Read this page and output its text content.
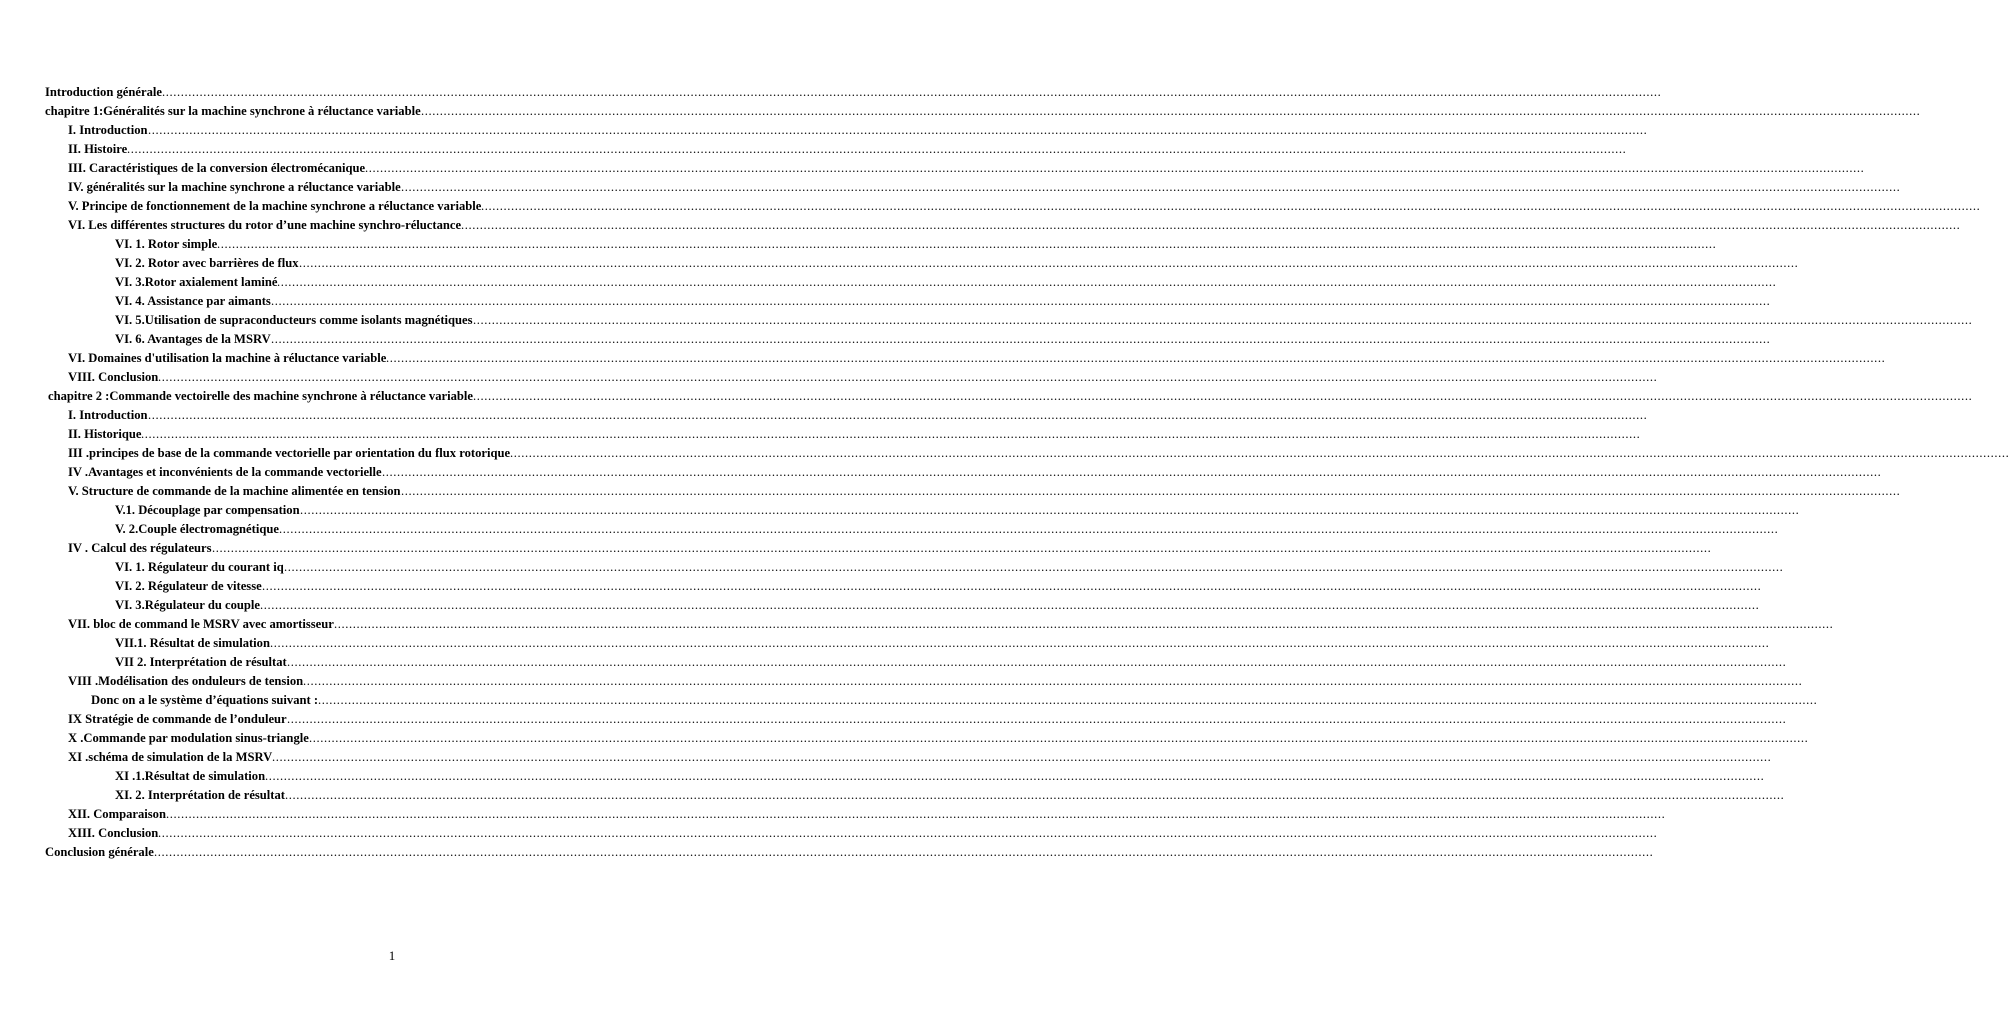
................................................................................................................................................................................................................................................................................................................................................................................................................
Introduction générale
................................................................................................................................................................................................................................................................................................................................................................................................................
chapitre 1:Généralités sur la machine synchrone à réluctance variable
................................................................................................................................................................................................................................................................................................................................................................................................................
I. Introduction
................................................................................................................................................................................................................................................................................................................................................................................................................
II. Histoire
................................................................................................................................................................................................................................................................................................................................................................................................................
III. Caractéristiques de la conversion électromécanique
................................................................................................................................................................................................................................................................................................................................................................................................................
IV. généralités sur la machine synchrone a réluctance variable
................................................................................................................................................................................................................................................................................................................................................................................................................
V. Principe de fonctionnement de la machine synchrone a réluctance variable
................................................................................................................................................................................................................................................................................................................................................................................................................
VI. Les différentes structures du rotor d’une machine synchro-réluctance
................................................................................................................................................................................................................................................................................................................................................................................................................
VI. 1. Rotor simple
................................................................................................................................................................................................................................................................................................................................................................................................................
VI. 2. Rotor avec barrières de flux
................................................................................................................................................................................................................................................................................................................................................................................................................
VI. 3.Rotor axialement laminé
................................................................................................................................................................................................................................................................................................................................................................................................................
VI. 4. Assistance par aimants
................................................................................................................................................................................................................................................................................................................................................................................................................
VI. 5.Utilisation de supraconducteurs comme isolants magnétiques
................................................................................................................................................................................................................................................................................................................................................................................................................
VI. 6. Avantages de la MSRV
................................................................................................................................................................................................................................................................................................................................................................................................................
VI. Domaines d'utilisation la machine à réluctance variable
................................................................................................................................................................................................................................................................................................................................................................................................................
VIII. Conclusion
................................................................................................................................................................................................................................................................................................................................................................................................................
chapitre 2 :Commande vectoirelle des machine synchrone à réluctance variable
................................................................................................................................................................................................................................................................................................................................................................................................................
I. Introduction
................................................................................................................................................................................................................................................................................................................................................................................................................
II. Historique
................................................................................................................................................................................................................................................................................................................................................................................................................
III .principes de base de la commande vectorielle par orientation du flux rotorique
................................................................................................................................................................................................................................................................................................................................................................................................................
IV .Avantages et inconvénients de la commande vectorielle
................................................................................................................................................................................................................................................................................................................................................................................................................
V. Structure de commande de la machine alimentée en tension
................................................................................................................................................................................................................................................................................................................................................................................................................
V.1. Découplage par compensation
................................................................................................................................................................................................................................................................................................................................................................................................................
V. 2.Couple électromagnétique
................................................................................................................................................................................................................................................................................................................................................................................................................
IV . Calcul des régulateurs
................................................................................................................................................................................................................................................................................................................................................................................................................
VI. 1. Régulateur du courant iq
................................................................................................................................................................................................................................................................................................................................................................................................................
VI. 2. Régulateur de vitesse
................................................................................................................................................................................................................................................................................................................................................................................................................
VI. 3.Régulateur du couple
................................................................................................................................................................................................................................................................................................................................................................................................................
VII. bloc de command le MSRV avec amortisseur
................................................................................................................................................................................................................................................................................................................................................................................................................
VII.1. Résultat de simulation
................................................................................................................................................................................................................................................................................................................................................................................................................
VII 2. Interprétation de résultat
................................................................................................................................................................................................................................................................................................................................................................................................................
VIII .Modélisation des onduleurs de tension
................................................................................................................................................................................................................................................................................................................................................................................................................
Donc on a le système d’équations suivant :
................................................................................................................................................................................................................................................................................................................................................................................................................
IX Stratégie de commande de l’onduleur
................................................................................................................................................................................................................................................................................................................................................................................................................
X .Commande par modulation sinus-triangle
................................................................................................................................................................................................................................................................................................................................................................................................................
XI .schéma de simulation de la MSRV
................................................................................................................................................................................................................................................................................................................................................................................................................
XI .1.Résultat de simulation
................................................................................................................................................................................................................................................................................................................................................................................................................
XI. 2. Interprétation de résultat
................................................................................................................................................................................................................................................................................................................................................................................................................
XII. Comparaison
................................................................................................................................................................................................................................................................................................................................................................................................................
XIII. Conclusion
................................................................................................................................................................................................................................................................................................................................................................................................................
Conclusion générale
1
